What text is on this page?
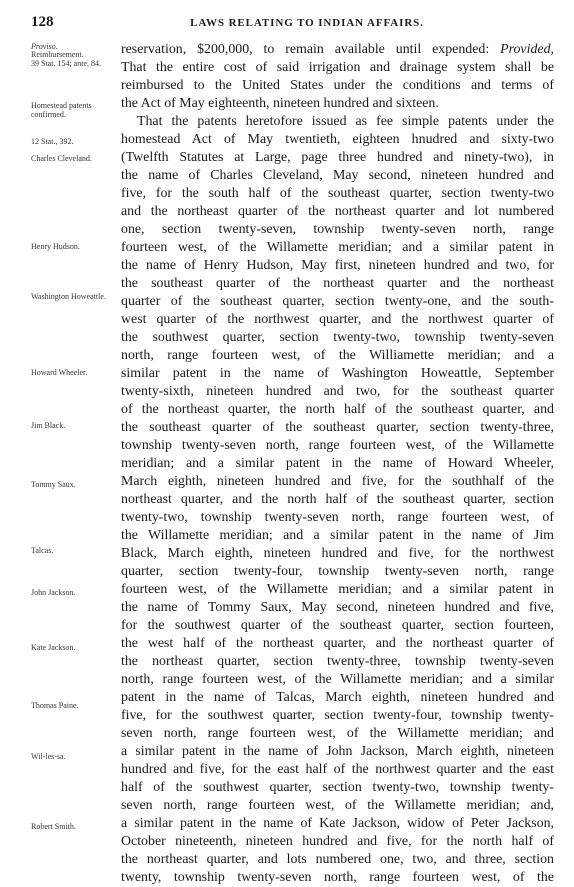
128	LAWS RELATING TO INDIAN AFFAIRS.
Proviso.
Reimbursement.
39 Stat. 154; ante, 84.
Homestead patents confirmed.
12 Stat., 392.
Charles Cleveland.
Henry Hudson.
Washington Howeattle.
Howard Wheeler.
Jim Black.
Tommy Saux.
Talcas.
John Jackson.
Kate Jackson.
Thomas Paine.
Wil-les-sa.
Robert Smith.
reservation, $200,000, to remain available until expended: Provided,
That the entire cost of said irrigation and drainage system shall be
reimbursed to the United States under the conditions and terms of
the Act of May eighteenth, nineteen hundred and sixteen.
That the patents heretofore issued as fee simple patents under the
homestead Act of May twentieth, eighteen hnudred and sixty-two
(Twelfth Statutes at Large, page three hundred and ninety-two), in
the name of Charles Cleveland, May second, nineteen hundred and
five, for the south half of the southeast quarter, section twenty-two
and the northeast quarter of the northeast quarter and lot numbered
one, section twenty-seven, township twenty-seven north, range
fourteen west, of the Willamette meridian; and a similar patent in
the name of Henry Hudson, May first, nineteen hundred and two, for
the southeast quarter of the northeast quarter and the northeast
quarter of the southeast quarter, section twenty-one, and the south-
west quarter of the northwest quarter, and the northwest quarter of
the southwest quarter, section twenty-two, township twenty-seven
north, range fourteen west, of the Williamette meridian; and a
similar patent in the name of Washington Howeattle, September
twenty-sixth, nineteen hundred and two, for the southeast quarter
of the northeast quarter, the north half of the southeast quarter, and
the southeast quarter of the southeast quarter, section twenty-three,
township twenty-seven north, range fourteen west, of the Willamette
meridian; and a similar patent in the name of Howard Wheeler,
March eighth, nineteen hundred and five, for the southhalf of the
northeast quarter, and the north half of the southeast quarter, section
twenty-two, township twenty-seven north, range fourteen west, of
the Willamette meridian; and a similar patent in the name of Jim
Black, March eighth, nineteen hundred and five, for the northwest
quarter, section twenty-four, township twenty-seven north, range
fourteen west, of the Willamette meridian; and a similar patent in
the name of Tommy Saux, May second, nineteen hundred and five,
for the southwest quarter of the southeast quarter, section fourteen,
the west half of the northeast quarter, and the northeast quarter of
the northeast quarter, section twenty-three, township twenty-seven
north, range fourteen west, of the Willamette meridian; and a similar
patent in the name of Talcas, March eighth, nineteen hundred and
five, for the southwest quarter, section twenty-four, township twenty-
seven north, range fourteen west, of the Willamette meridian; and
a similar patent in the name of John Jackson, March eighth, nineteen
hundred and five, for the east half of the northwest quarter and the east
half of the southwest quarter, section twenty-two, township twenty-
seven north, range fourteen west, of the Willamette meridian; and,
a similar patent in the name of Kate Jackson, widow of Peter Jackson,
October nineteenth, nineteen hundred and five, for the north half of
the northeast quarter, and lots numbered one, two, and three, section
twenty, township twenty-seven north, range fourteen west, of the
